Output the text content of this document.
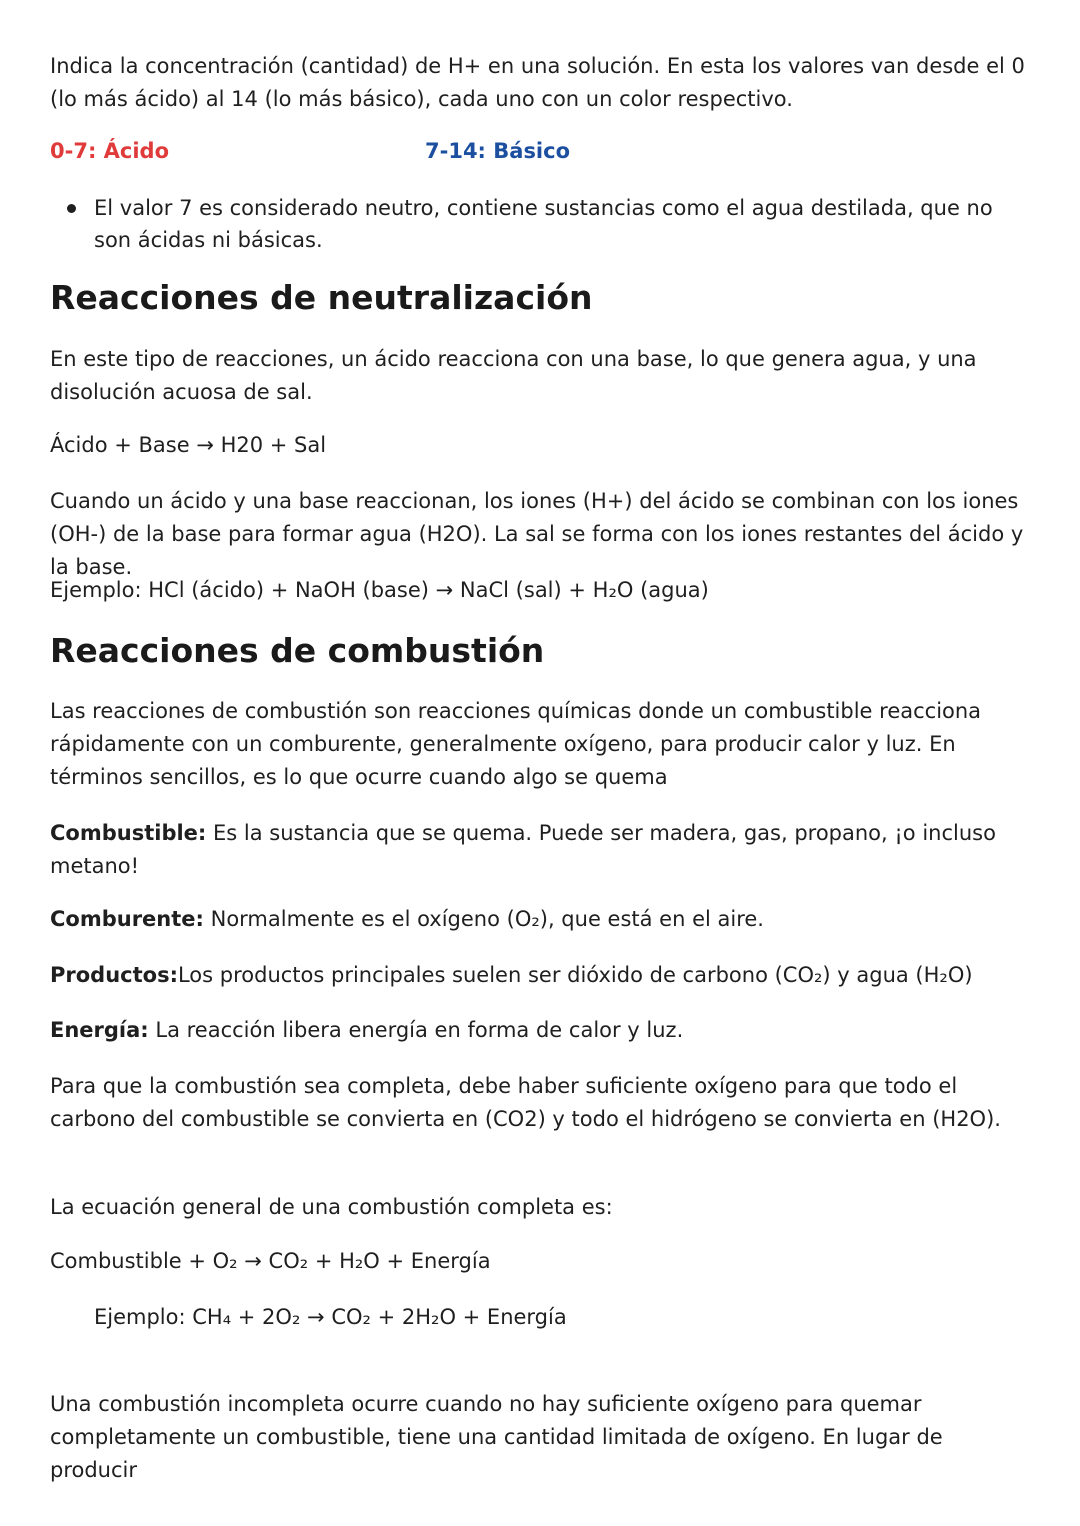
Indica la concentración (cantidad) de H+ en una solución. En esta los valores van desde el 0 (lo más ácido) al 14 (lo más básico), cada uno con un color respectivo.

0-7: Ácido	7-14: Básico
El valor 7 es considerado neutro, contiene sustancias como el agua destilada, que no son ácidas ni básicas.
Reacciones de neutralización

En este tipo de reacciones, un ácido reacciona con una base, lo que genera agua, y una disolución acuosa de sal.

Ácido + Base → H20 + Sal

Cuando un ácido y una base reaccionan, los iones (H+) del ácido se combinan con los iones (OH-) de la base para formar agua (H2O). La sal se forma con los iones restantes del ácido y la base.

Ejemplo: HCl (ácido) + NaOH (base) → NaCl (sal) + H₂O (agua)

Reacciones de combustión

Las reacciones de combustión son reacciones químicas donde un combustible reacciona rápidamente con un comburente, generalmente oxígeno, para producir calor y luz. En términos sencillos, es lo que ocurre cuando algo se quema

Combustible: Es la sustancia que se quema. Puede ser madera, gas, propano, ¡o incluso metano!

Comburente: Normalmente es el oxígeno (O₂), que está en el aire.

Productos:Los productos principales suelen ser dióxido de carbono (CO₂) y agua (H₂O)

Energía: La reacción libera energía en forma de calor y luz.

Para que la combustión sea completa, debe haber suficiente oxígeno para que todo el carbono del combustible se convierta en (CO2) y todo el hidrógeno se convierta en (H2O).

La ecuación general de una combustión completa es:

Combustible + O₂ → CO₂ + H₂O + Energía

Ejemplo: CH₄ + 2O₂ → CO₂ + 2H₂O + Energía

Una combustión incompleta ocurre cuando no hay suficiente oxígeno para quemar completamente un combustible, tiene una cantidad limitada de oxígeno. En lugar de producir
